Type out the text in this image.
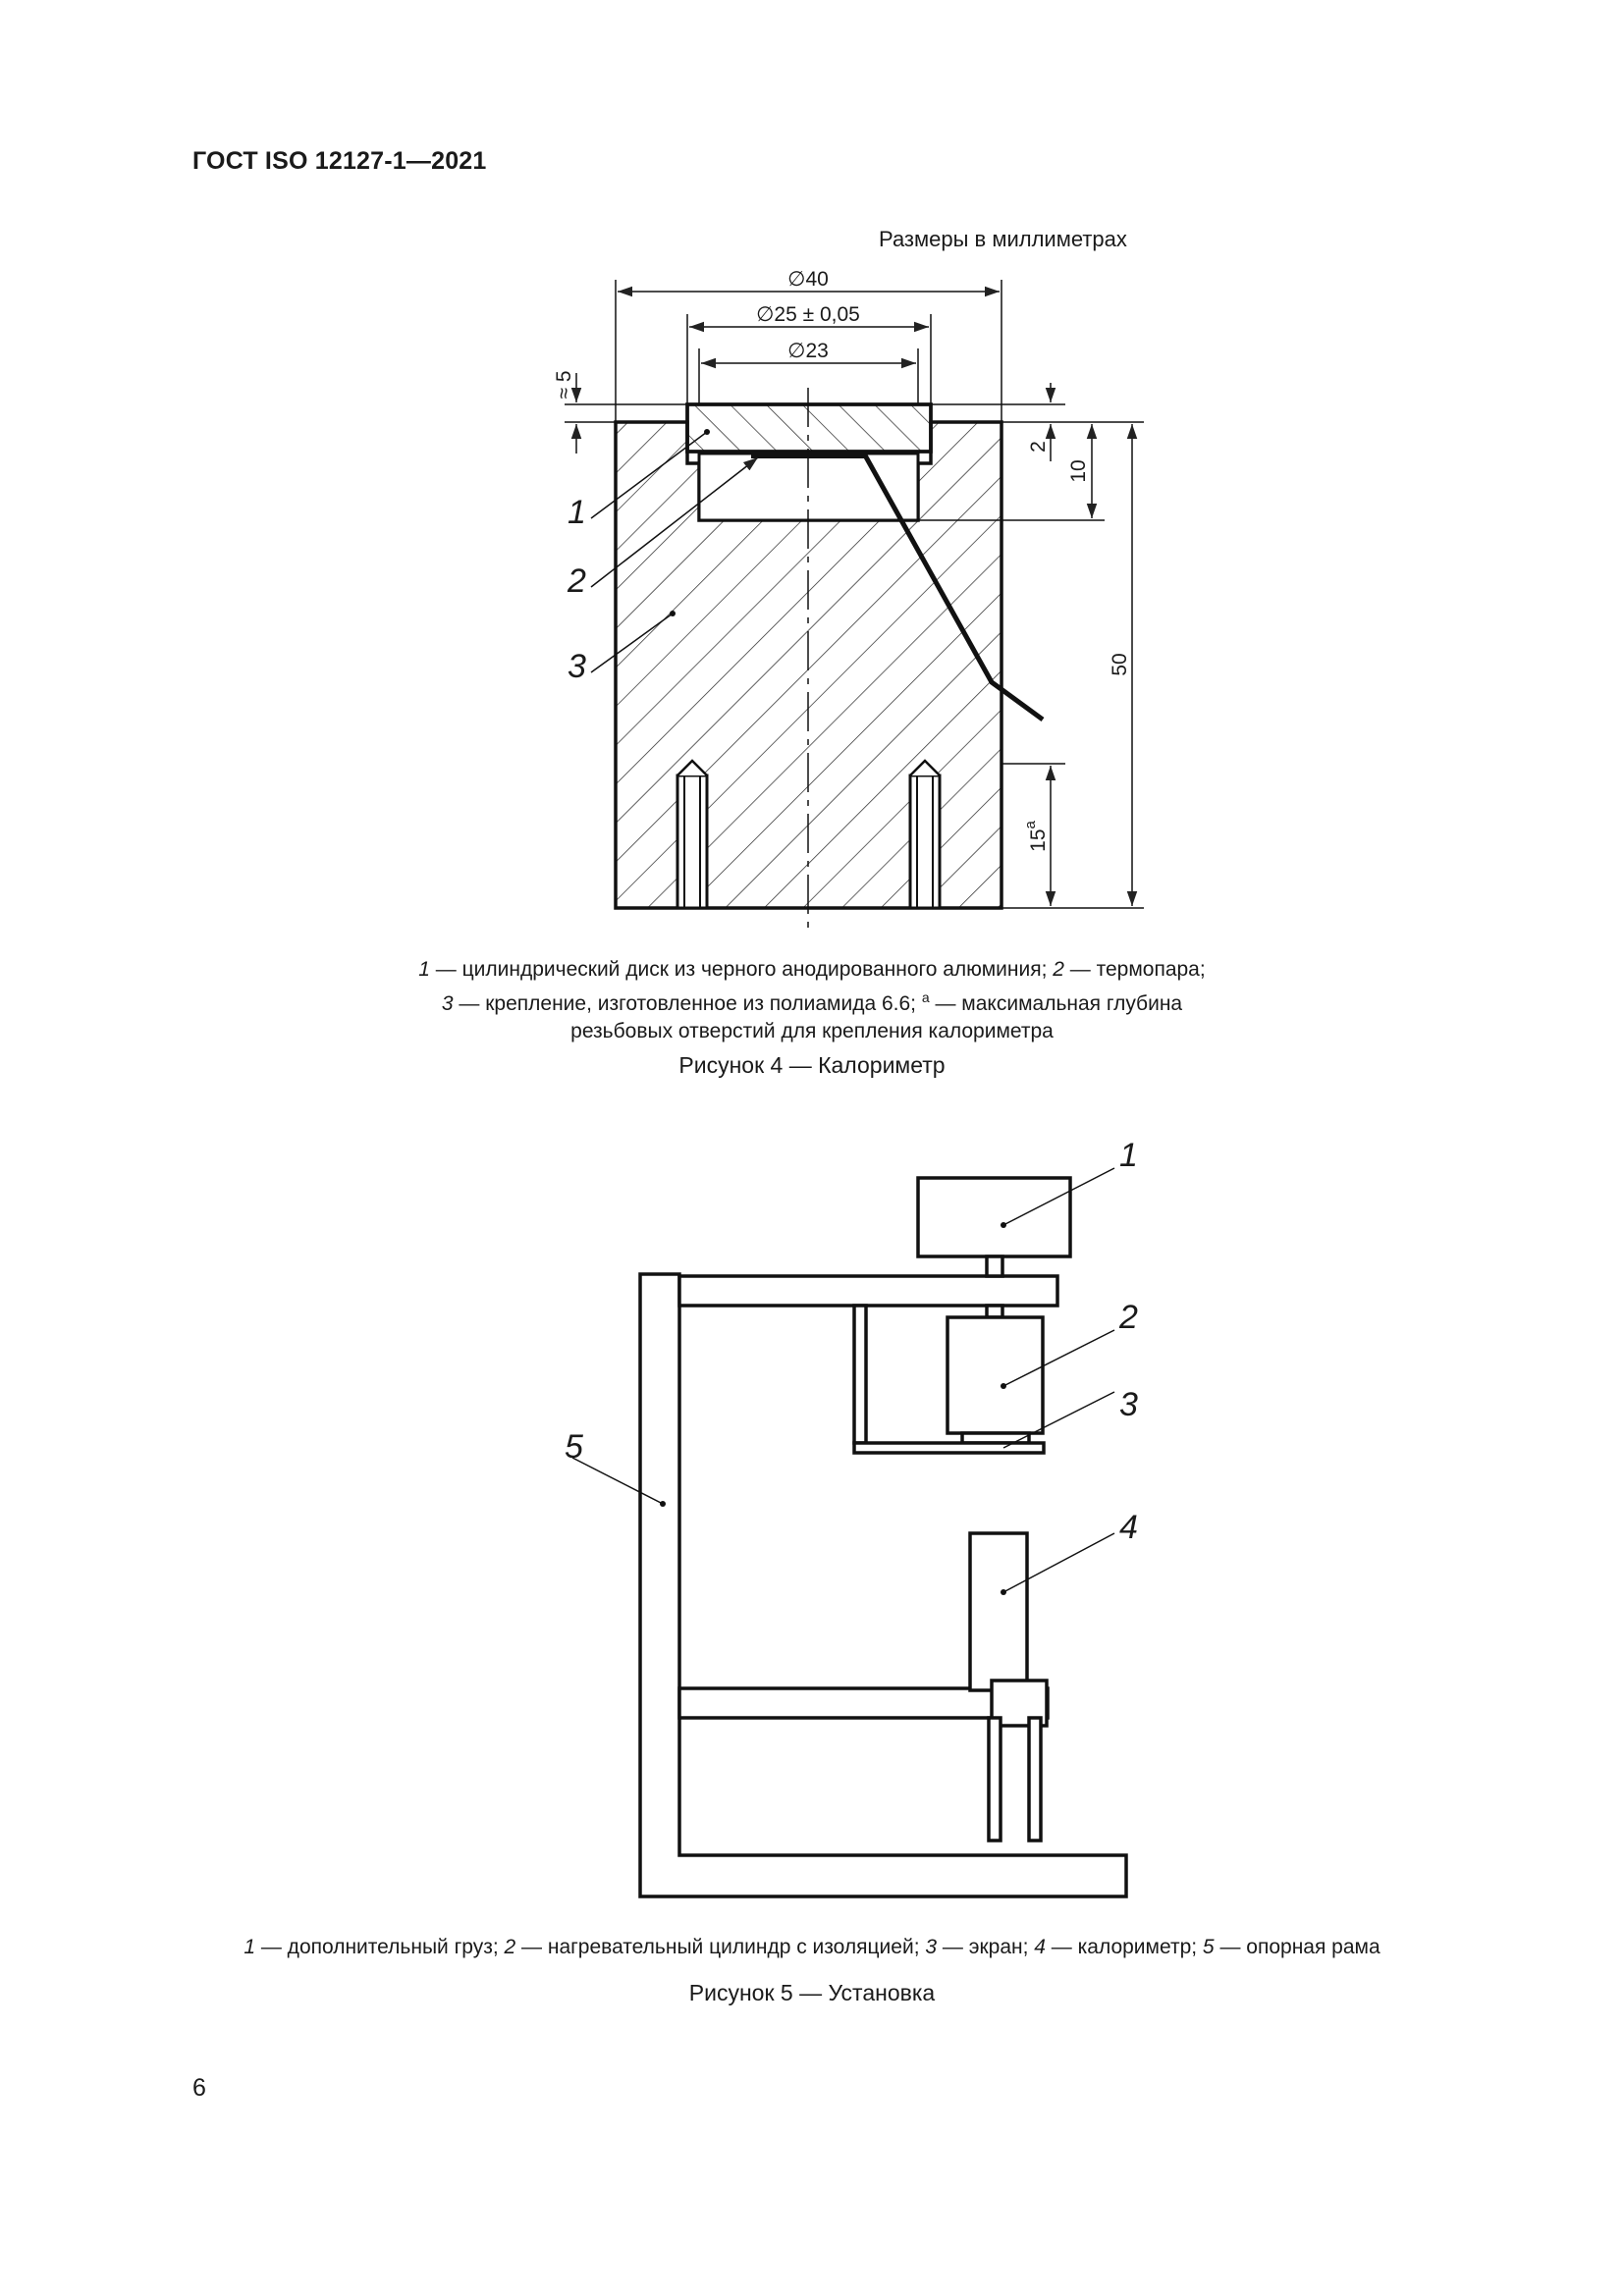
ГОСТ ISO 12127-1—2021
Размеры в миллиметрах
∅40
∅25 ± 0,05
∅23
≈ 5
2
10
50
15$^a$
1
2
3
1 — цилиндрический диск из черного анодированного алюминия; 2 — термопара;
3 — крепление, изготовленное из полиамида 6.6; $^a$ — максимальная глубина
резьбовых отверстий для крепления калориметра
Рисунок 4 — Калориметр
1
2
3
4
5
1 — дополнительный груз; 2 — нагревательный цилиндр с изоляцией; 3 — экран; 4 — калориметр; 5 — опорная рама
Рисунок 5 — Установка
6
